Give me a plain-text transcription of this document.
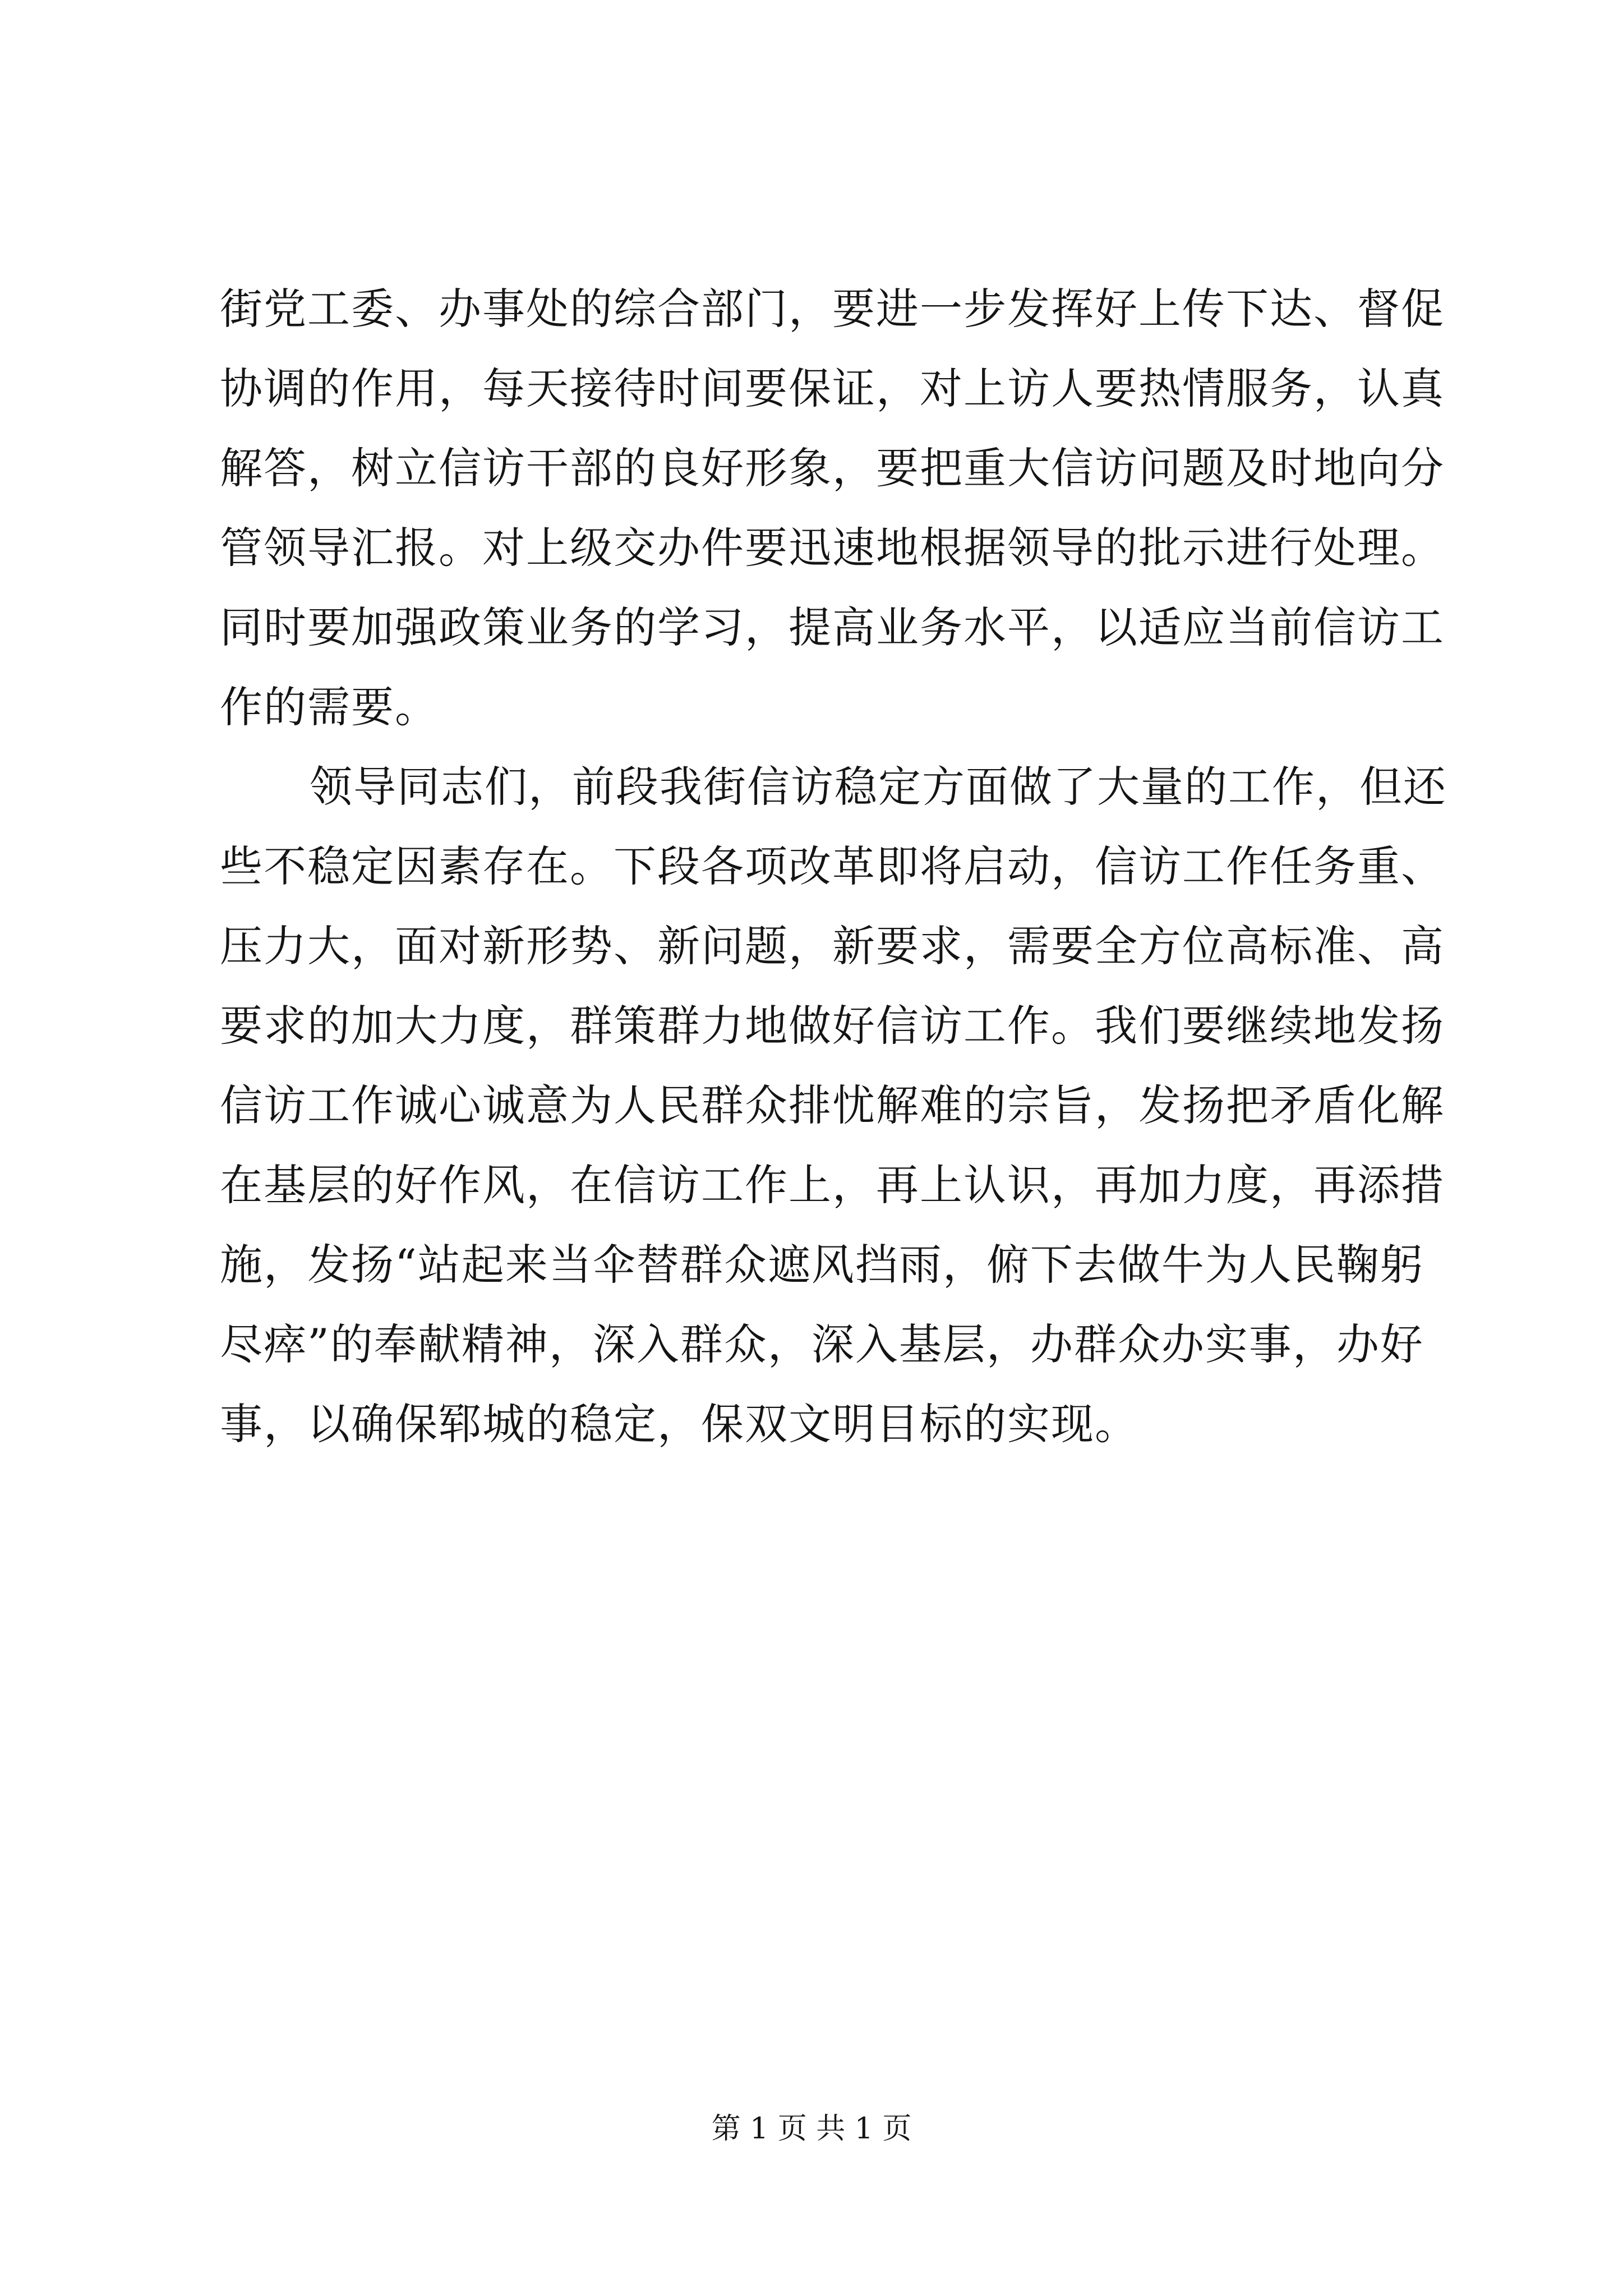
街党工委、办事处的综合部门，要进一步发挥好上传下达、督促
协调的作用，每天接待时间要保证，对上访人要热情服务，认真
解答，树立信访干部的良好形象，要把重大信访问题及时地向分
管领导汇报。对上级交办件要迅速地根据领导的批示进行处理。
同时要加强政策业务的学习，提高业务水平，以适应当前信访工
作的需要。
领导同志们，前段我街信访稳定方面做了大量的工作，但还
些不稳定因素存在。下段各项改革即将启动，信访工作任务重、
压力大，面对新形势、新问题，新要求，需要全方位高标准、高
要求的加大力度，群策群力地做好信访工作。我们要继续地发扬
信访工作诚心诚意为人民群众排忧解难的宗旨，发扬把矛盾化解
在基层的好作风，在信访工作上，再上认识，再加力度，再添措
施，发扬“站起来当伞替群众遮风挡雨，俯下去做牛为人民鞠躬
尽瘁”的奉献精神，深入群众，深入基层，办群众办实事，办好
事，以确保郓城的稳定，保双文明目标的实现。
第 1 页 共 1 页
